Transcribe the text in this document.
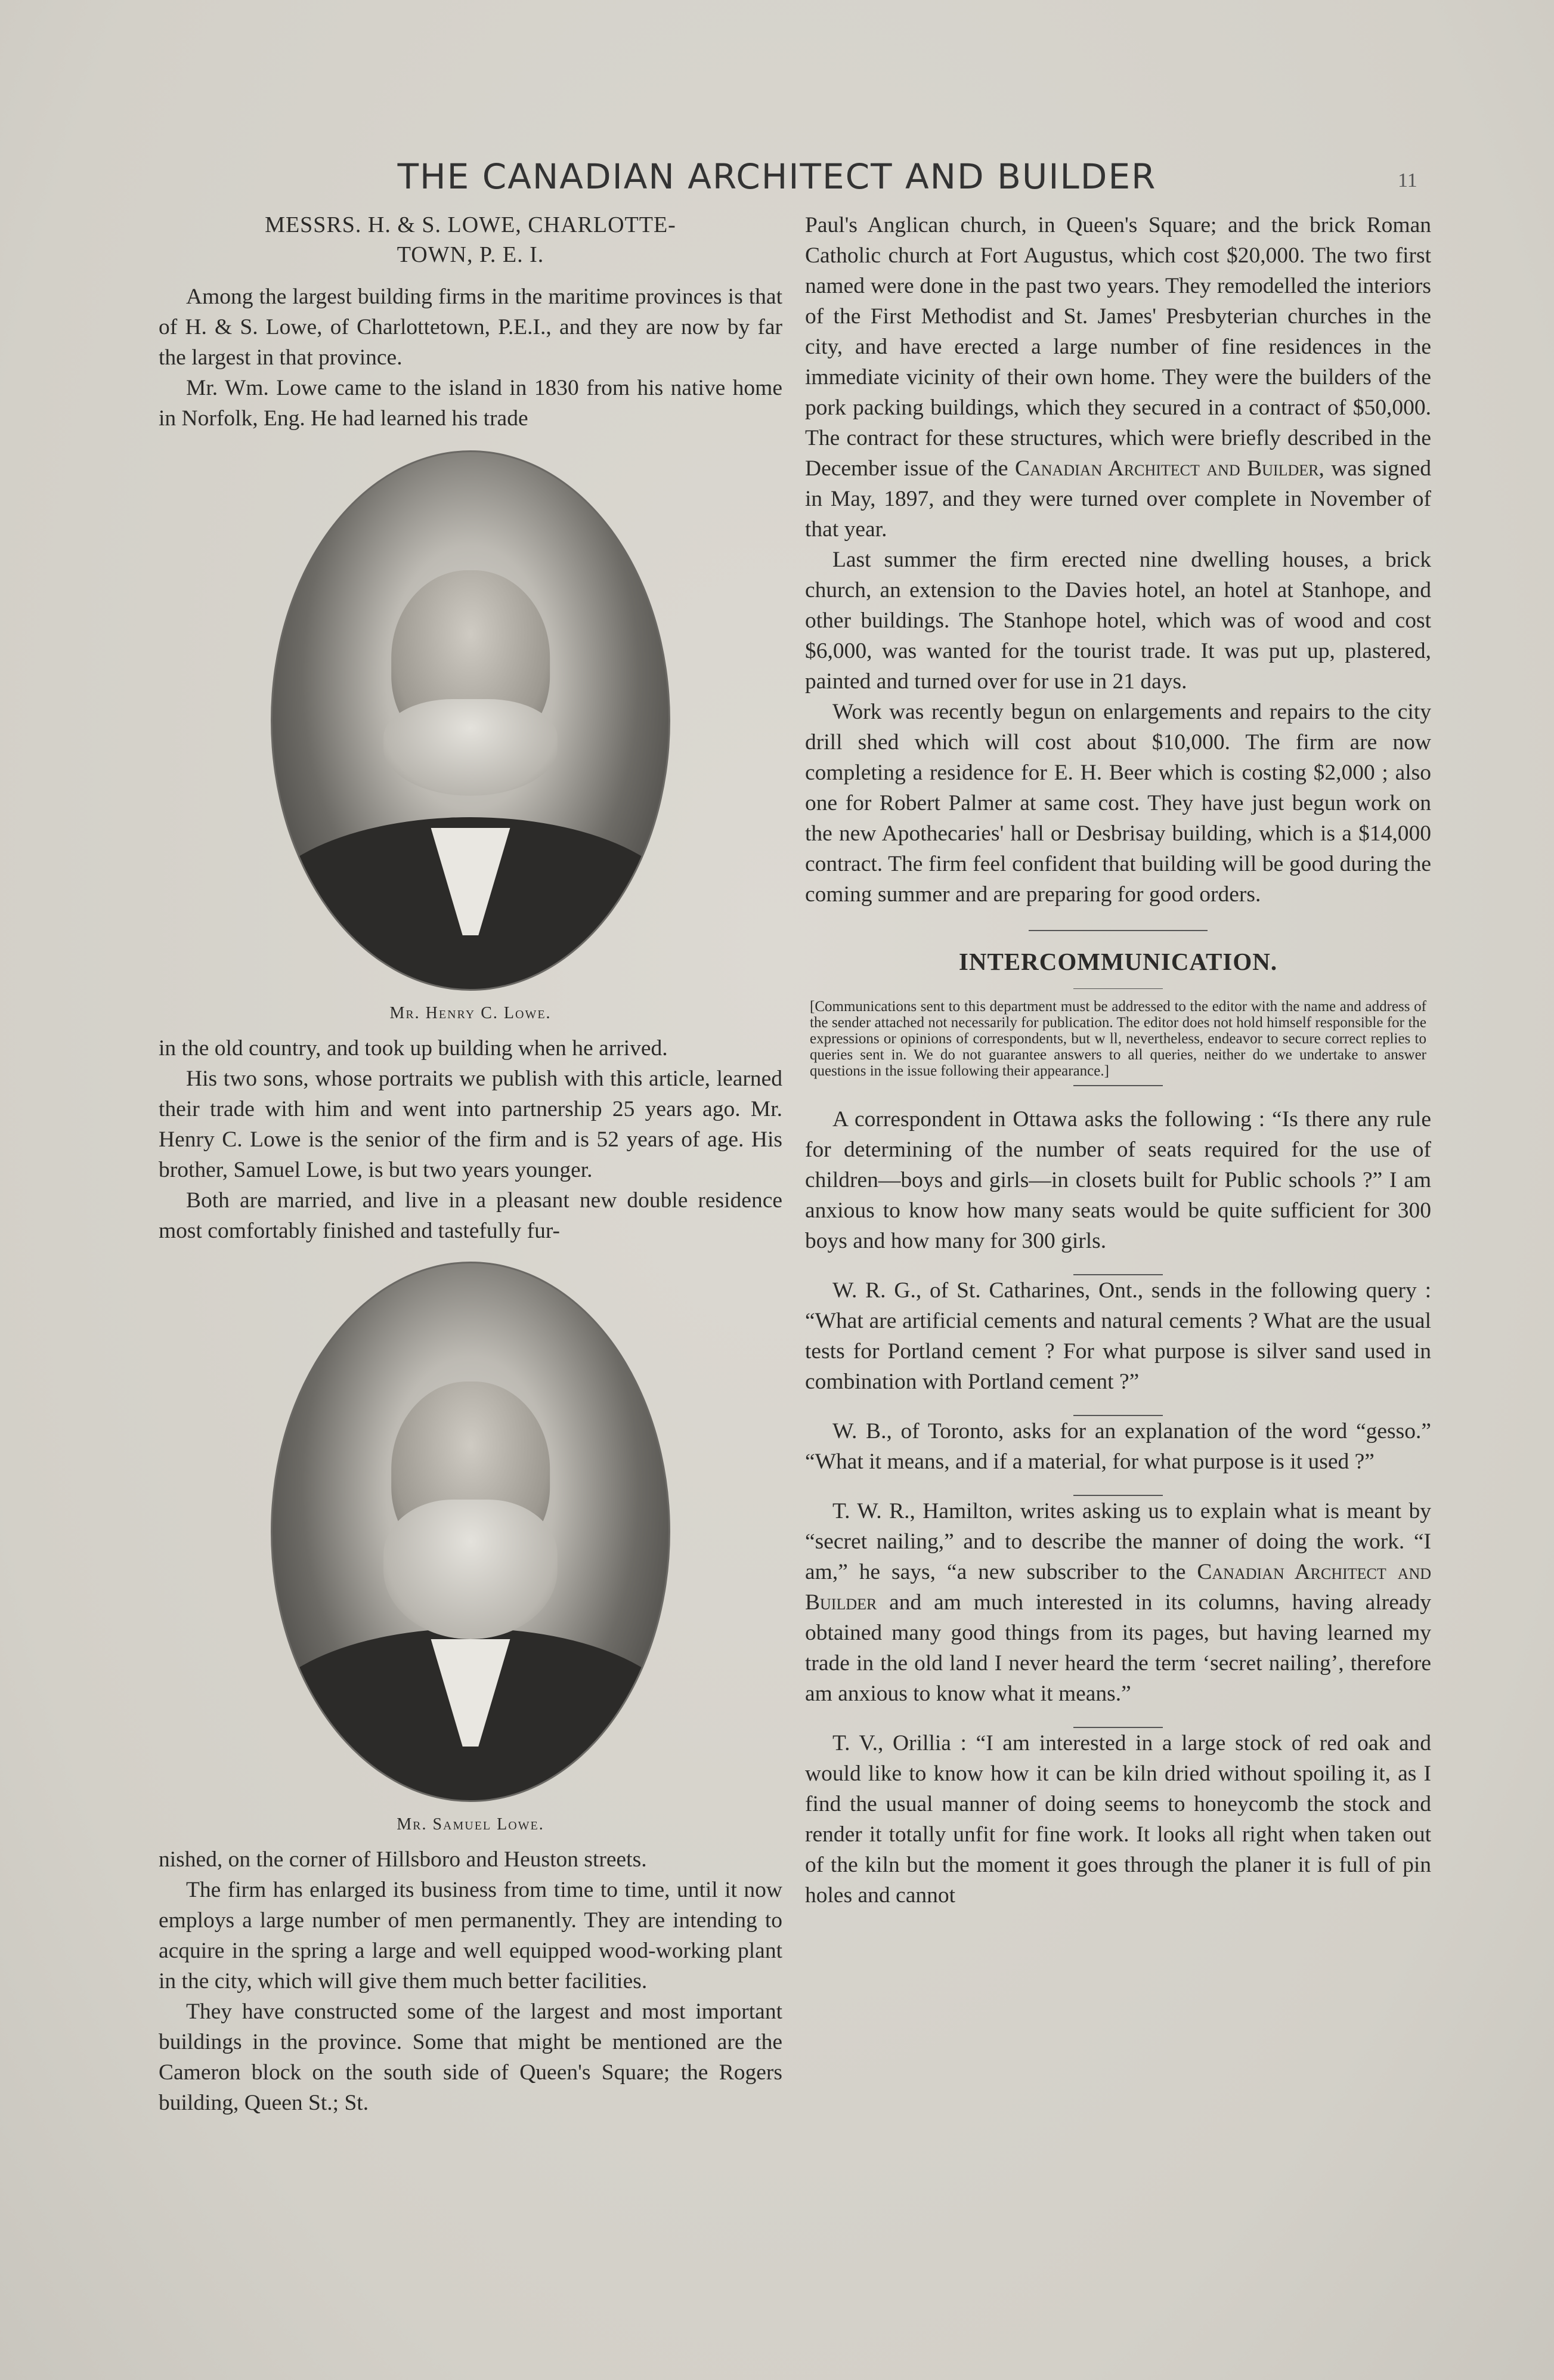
THE CANADIAN ARCHITECT AND BUILDER	11
MESSRS. H. & S. LOWE, CHARLOTTE-TOWN, P. E. I.

Among the largest building firms in the maritime provinces is that of H. & S. Lowe, of Charlottetown, P.E.I., and they are now by far the largest in that province.

Mr. Wm. Lowe came to the island in 1830 from his native home in Norfolk, Eng. He had learned his trade

Mr. Henry C. Lowe.

in the old country, and took up building when he arrived.

His two sons, whose portraits we publish with this article, learned their trade with him and went into partnership 25 years ago. Mr. Henry C. Lowe is the senior of the firm and is 52 years of age. His brother, Samuel Lowe, is but two years younger.

Both are married, and live in a pleasant new double residence most comfortably finished and tastefully fur-

Mr. Samuel Lowe.

nished, on the corner of Hillsboro and Heuston streets.

The firm has enlarged its business from time to time, until it now employs a large number of men permanently. They are intending to acquire in the spring a large and well equipped wood-working plant in the city, which will give them much better facilities.

They have constructed some of the largest and most important buildings in the province. Some that might be mentioned are the Cameron block on the south side of Queen's Square; the Rogers building, Queen St.; St.

Paul's Anglican church, in Queen's Square; and the brick Roman Catholic church at Fort Augustus, which cost $20,000. The two first named were done in the past two years. They remodelled the interiors of the First Methodist and St. James' Presbyterian churches in the city, and have erected a large number of fine residences in the immediate vicinity of their own home. They were the builders of the pork packing buildings, which they secured in a contract of $50,000. The contract for these structures, which were briefly described in the December issue of the Canadian Architect and Builder, was signed in May, 1897, and they were turned over complete in November of that year.

Last summer the firm erected nine dwelling houses, a brick church, an extension to the Davies hotel, an hotel at Stanhope, and other buildings. The Stanhope hotel, which was of wood and cost $6,000, was wanted for the tourist trade. It was put up, plastered, painted and turned over for use in 21 days.

Work was recently begun on enlargements and repairs to the city drill shed which will cost about $10,000. The firm are now completing a residence for E. H. Beer which is costing $2,000 ; also one for Robert Palmer at same cost. They have just begun work on the new Apothecaries' hall or Desbrisay building, which is a $14,000 contract. The firm feel confident that building will be good during the coming summer and are preparing for good orders.

INTERCOMMUNICATION.
[Communications sent to this department must be addressed to the editor with the name and address of the sender attached not necessarily for publication. The editor does not hold himself responsible for the expressions or opinions of correspondents, but w ll, nevertheless, endeavor to secure correct replies to queries sent in. We do not guarantee answers to all queries, neither do we undertake to answer questions in the issue following their appearance.]

A correspondent in Ottawa asks the following : “Is there any rule for determining of the number of seats required for the use of children—boys and girls—in closets built for Public schools ?” I am anxious to know how many seats would be quite sufficient for 300 boys and how many for 300 girls.

W. R. G., of St. Catharines, Ont., sends in the following query : “What are artificial cements and natural cements ? What are the usual tests for Portland cement ? For what purpose is silver sand used in combination with Portland cement ?”

W. B., of Toronto, asks for an explanation of the word “gesso.” “What it means, and if a material, for what purpose is it used ?”

T. W. R., Hamilton, writes asking us to explain what is meant by “secret nailing,” and to describe the manner of doing the work. “I am,” he says, “a new subscriber to the Canadian Architect and Builder and am much interested in its columns, having already obtained many good things from its pages, but having learned my trade in the old land I never heard the term ‘secret nailing’, therefore am anxious to know what it means.”

T. V., Orillia : “I am interested in a large stock of red oak and would like to know how it can be kiln dried without spoiling it, as I find the usual manner of doing seems to honeycomb the stock and render it totally unfit for fine work. It looks all right when taken out of the kiln but the moment it goes through the planer it is full of pin holes and cannot
